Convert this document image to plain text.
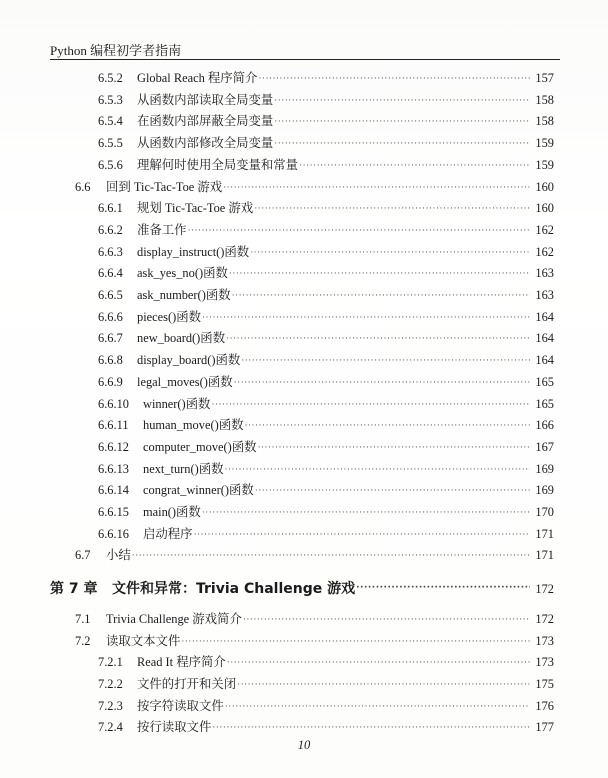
Python 编程初学者指南
6.5.2	Global Reach 程序简介 ·····	157
6.5.3	从函数内部读取全局变量 ·····	158
6.5.4	在函数内部屏蔽全局变量 ·····	158
6.5.5	从函数内部修改全局变量 ·····	159
6.5.6	理解何时使用全局变量和常量 ·····	159
6.6	回到 Tic-Tac-Toe 游戏 ·····	160
6.6.1	规划 Tic-Tac-Toe 游戏 ·····	160
6.6.2	准备工作 ·····	162
6.6.3	display_instruct()函数 ·····	162
6.6.4	ask_yes_no()函数 ·····	163
6.6.5	ask_number()函数 ·····	163
6.6.6	pieces()函数 ·····	164
6.6.7	new_board()函数 ·····	164
6.6.8	display_board()函数 ·····	164
6.6.9	legal_moves()函数 ·····	165
6.6.10	winner()函数 ·····	165
6.6.11	human_move()函数 ·····	166
6.6.12	computer_move()函数 ·····	167
6.6.13	next_turn()函数 ·····	169
6.6.14	congrat_winner()函数 ·····	169
6.6.15	main()函数 ·····	170
6.6.16	启动程序 ·····	171
6.7	小结 ·····	171
第 7 章	文件和异常：Trivia Challenge 游戏 ·····	172
7.1	Trivia Challenge 游戏简介 ·····	172
7.2	读取文本文件 ·····	173
7.2.1	Read It 程序简介 ·····	173
7.2.2	文件的打开和关闭 ·····	175
7.2.3	按字符读取文件 ·····	176
7.2.4	按行读取文件 ·····	177
10
